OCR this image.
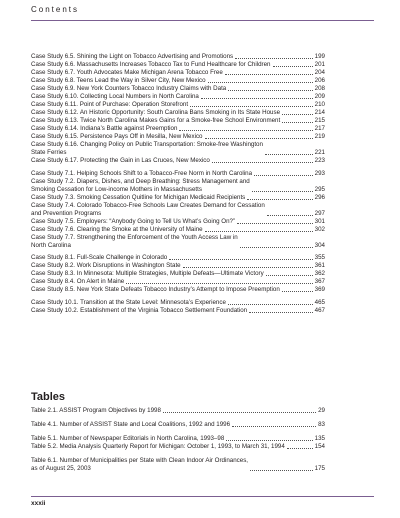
Contents
Case Study 6.5. Shining the Light on Tobacco Advertising and Promotions	199
Case Study 6.6. Massachusetts Increases Tobacco Tax to Fund Healthcare for Children	201
Case Study 6.7. Youth Advocates Make Michigan Arena Tobacco Free	204
Case Study 6.8. Teens Lead the Way in Silver City, New Mexico	206
Case Study 6.9. New York Counters Tobacco Industry Claims with Data	208
Case Study 6.10. Collecting Local Numbers in North Carolina	209
Case Study 6.11. Point of Purchase: Operation Storefront	210
Case Study 6.12. An Historic Opportunity: South Carolina Bans Smoking in Its State House	214
Case Study 6.13. Twice North Carolina Makes Gains for a Smoke-free School Environment	215
Case Study 6.14. Indiana’s Battle against Preemption	217
Case Study 6.15. Persistence Pays Off in Mesilla, New Mexico	219
Case Study 6.16. Changing Policy on Public Transportation: Smoke-free Washington
State Ferries	221
Case Study 6.17. Protecting the Gain in Las Cruces, New Mexico	223
Case Study 7.1. Helping Schools Shift to a Tobacco-Free Norm in North Carolina	293
Case Study 7.2. Diapers, Dishes, and Deep Breathing: Stress Management and
Smoking Cessation for Low-income Mothers in Massachusetts	295
Case Study 7.3. Smoking Cessation Quitline for Michigan Medicaid Recipients	296
Case Study 7.4. Colorado Tobacco-Free Schools Law Creates Demand for Cessation
and Prevention Programs	297
Case Study 7.5. Employers: “Anybody Going to Tell Us What’s Going On?”	301
Case Study 7.6. Clearing the Smoke at the University of Maine	302
Case Study 7.7. Strengthening the Enforcement of the Youth Access Law in
North Carolina	304
Case Study 8.1. Full-Scale Challenge in Colorado	355
Case Study 8.2. Work Disruptions in Washington State	361
Case Study 8.3. In Minnesota: Multiple Strategies, Multiple Defeats—Ultimate Victory	362
Case Study 8.4. On Alert in Maine	367
Case Study 8.5. New York State Defeats Tobacco Industry’s Attempt to Impose Preemption	369
Case Study 10.1. Transition at the State Level: Minnesota’s Experience	465
Case Study 10.2. Establishment of the Virginia Tobacco Settlement Foundation	467
Tables
Table 2.1. ASSIST Program Objectives by 1998	29
Table 4.1. Number of ASSIST State and Local Coalitions, 1992 and 1996	83
Table 5.1. Number of Newspaper Editorials in North Carolina, 1993–98	135
Table 5.2. Media Analysis Quarterly Report for Michigan: October 1, 1993, to March 31, 1994	154
Table 6.1. Number of Municipalities per State with Clean Indoor Air Ordinances,
as of August 25, 2003	175
xxxii
